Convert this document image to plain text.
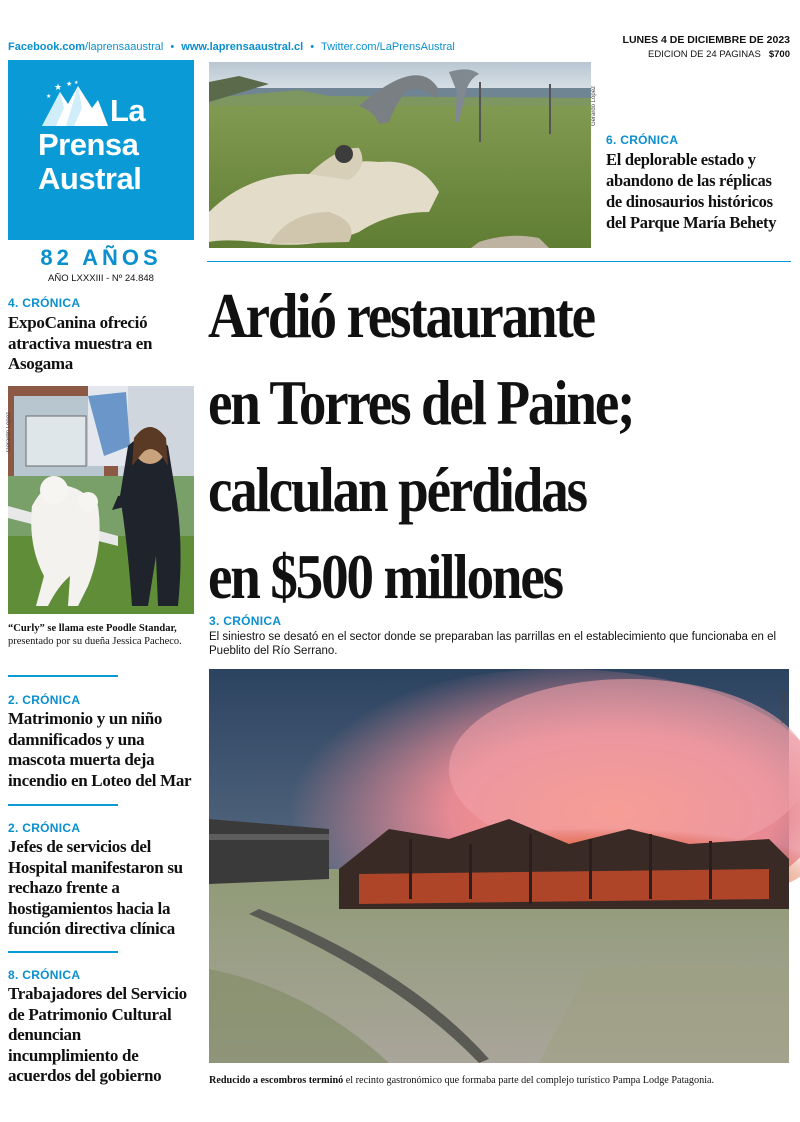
Facebook.com/laprensaaustral • www.laprensaaustral.cl • Twitter.com/LaPrensAustral
LUNES 4 DE DICIEMBRE DE 2023
EDICION DE 24 PAGINAS $700
★ ★
★
★
La
Prensa
Austral
82 AÑOS
AÑO LXXXIII - Nº 24.848
Gerardo López
6. CRÓNICA
El deplorable estado y abandono de las réplicas de dinosaurios históricos del Parque María Behety
Ardió restaurante
en Torres del Paine;
calculan pérdidas
en $500 millones
3. CRÓNICA
El siniestro se desató en el sector donde se preparaban las parrillas en el establecimiento que funcionaba en el Pueblito del Río Serrano.
Foto cedida
Reducido a escombros terminó el recinto gastronómico que formaba parte del complejo turístico Pampa Lodge Patagonia.
4. CRÓNICA
ExpoCanina ofreció atractiva muestra en Asogama
Gerardo López
“Curly” se llama este Poodle Standar, presentado por su dueña Jessica Pacheco.
2. CRÓNICA
Matrimonio y un niño damnificados y una mascota muerta deja incendio en Loteo del Mar
2. CRÓNICA
Jefes de servicios del Hospital manifestaron su rechazo frente a hostigamientos hacia la función directiva clínica
8. CRÓNICA
Trabajadores del Servicio de Patrimonio Cultural denuncian incumplimiento de acuerdos del gobierno
